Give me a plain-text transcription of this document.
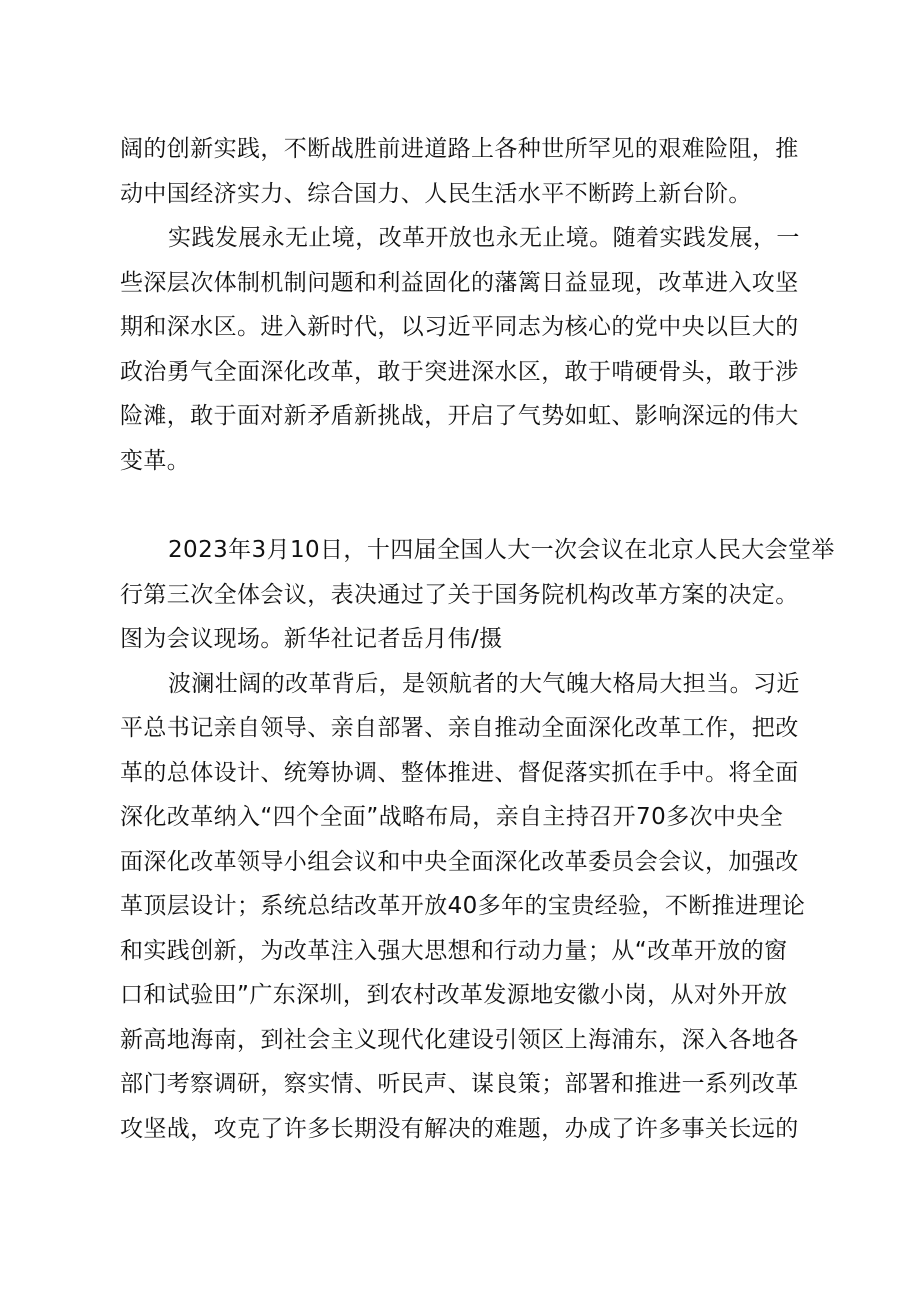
阔的创新实践，不断战胜前进道路上各种世所罕见的艰难险阻，推
动中国经济实力、综合国力、人民生活水平不断跨上新台阶。
实践发展永无止境，改革开放也永无止境。随着实践发展，一
些深层次体制机制问题和利益固化的藩篱日益显现，改革进入攻坚
期和深水区。进入新时代，以习近平同志为核心的党中央以巨大的
政治勇气全面深化改革，敢于突进深水区，敢于啃硬骨头，敢于涉
险滩，敢于面对新矛盾新挑战，开启了气势如虹、影响深远的伟大
变革。
2023年3月10日，十四届全国人大一次会议在北京人民大会堂举
行第三次全体会议，表决通过了关于国务院机构改革方案的决定。
图为会议现场。新华社记者岳月伟/摄
波澜壮阔的改革背后，是领航者的大气魄大格局大担当。习近
平总书记亲自领导、亲自部署、亲自推动全面深化改革工作，把改
革的总体设计、统筹协调、整体推进、督促落实抓在手中。将全面
深化改革纳入“四个全面”战略布局，亲自主持召开70多次中央全
面深化改革领导小组会议和中央全面深化改革委员会会议，加强改
革顶层设计；系统总结改革开放40多年的宝贵经验，不断推进理论
和实践创新，为改革注入强大思想和行动力量；从“改革开放的窗
口和试验田”广东深圳，到农村改革发源地安徽小岗，从对外开放
新高地海南，到社会主义现代化建设引领区上海浦东，深入各地各
部门考察调研，察实情、听民声、谋良策；部署和推进一系列改革
攻坚战，攻克了许多长期没有解决的难题，办成了许多事关长远的
